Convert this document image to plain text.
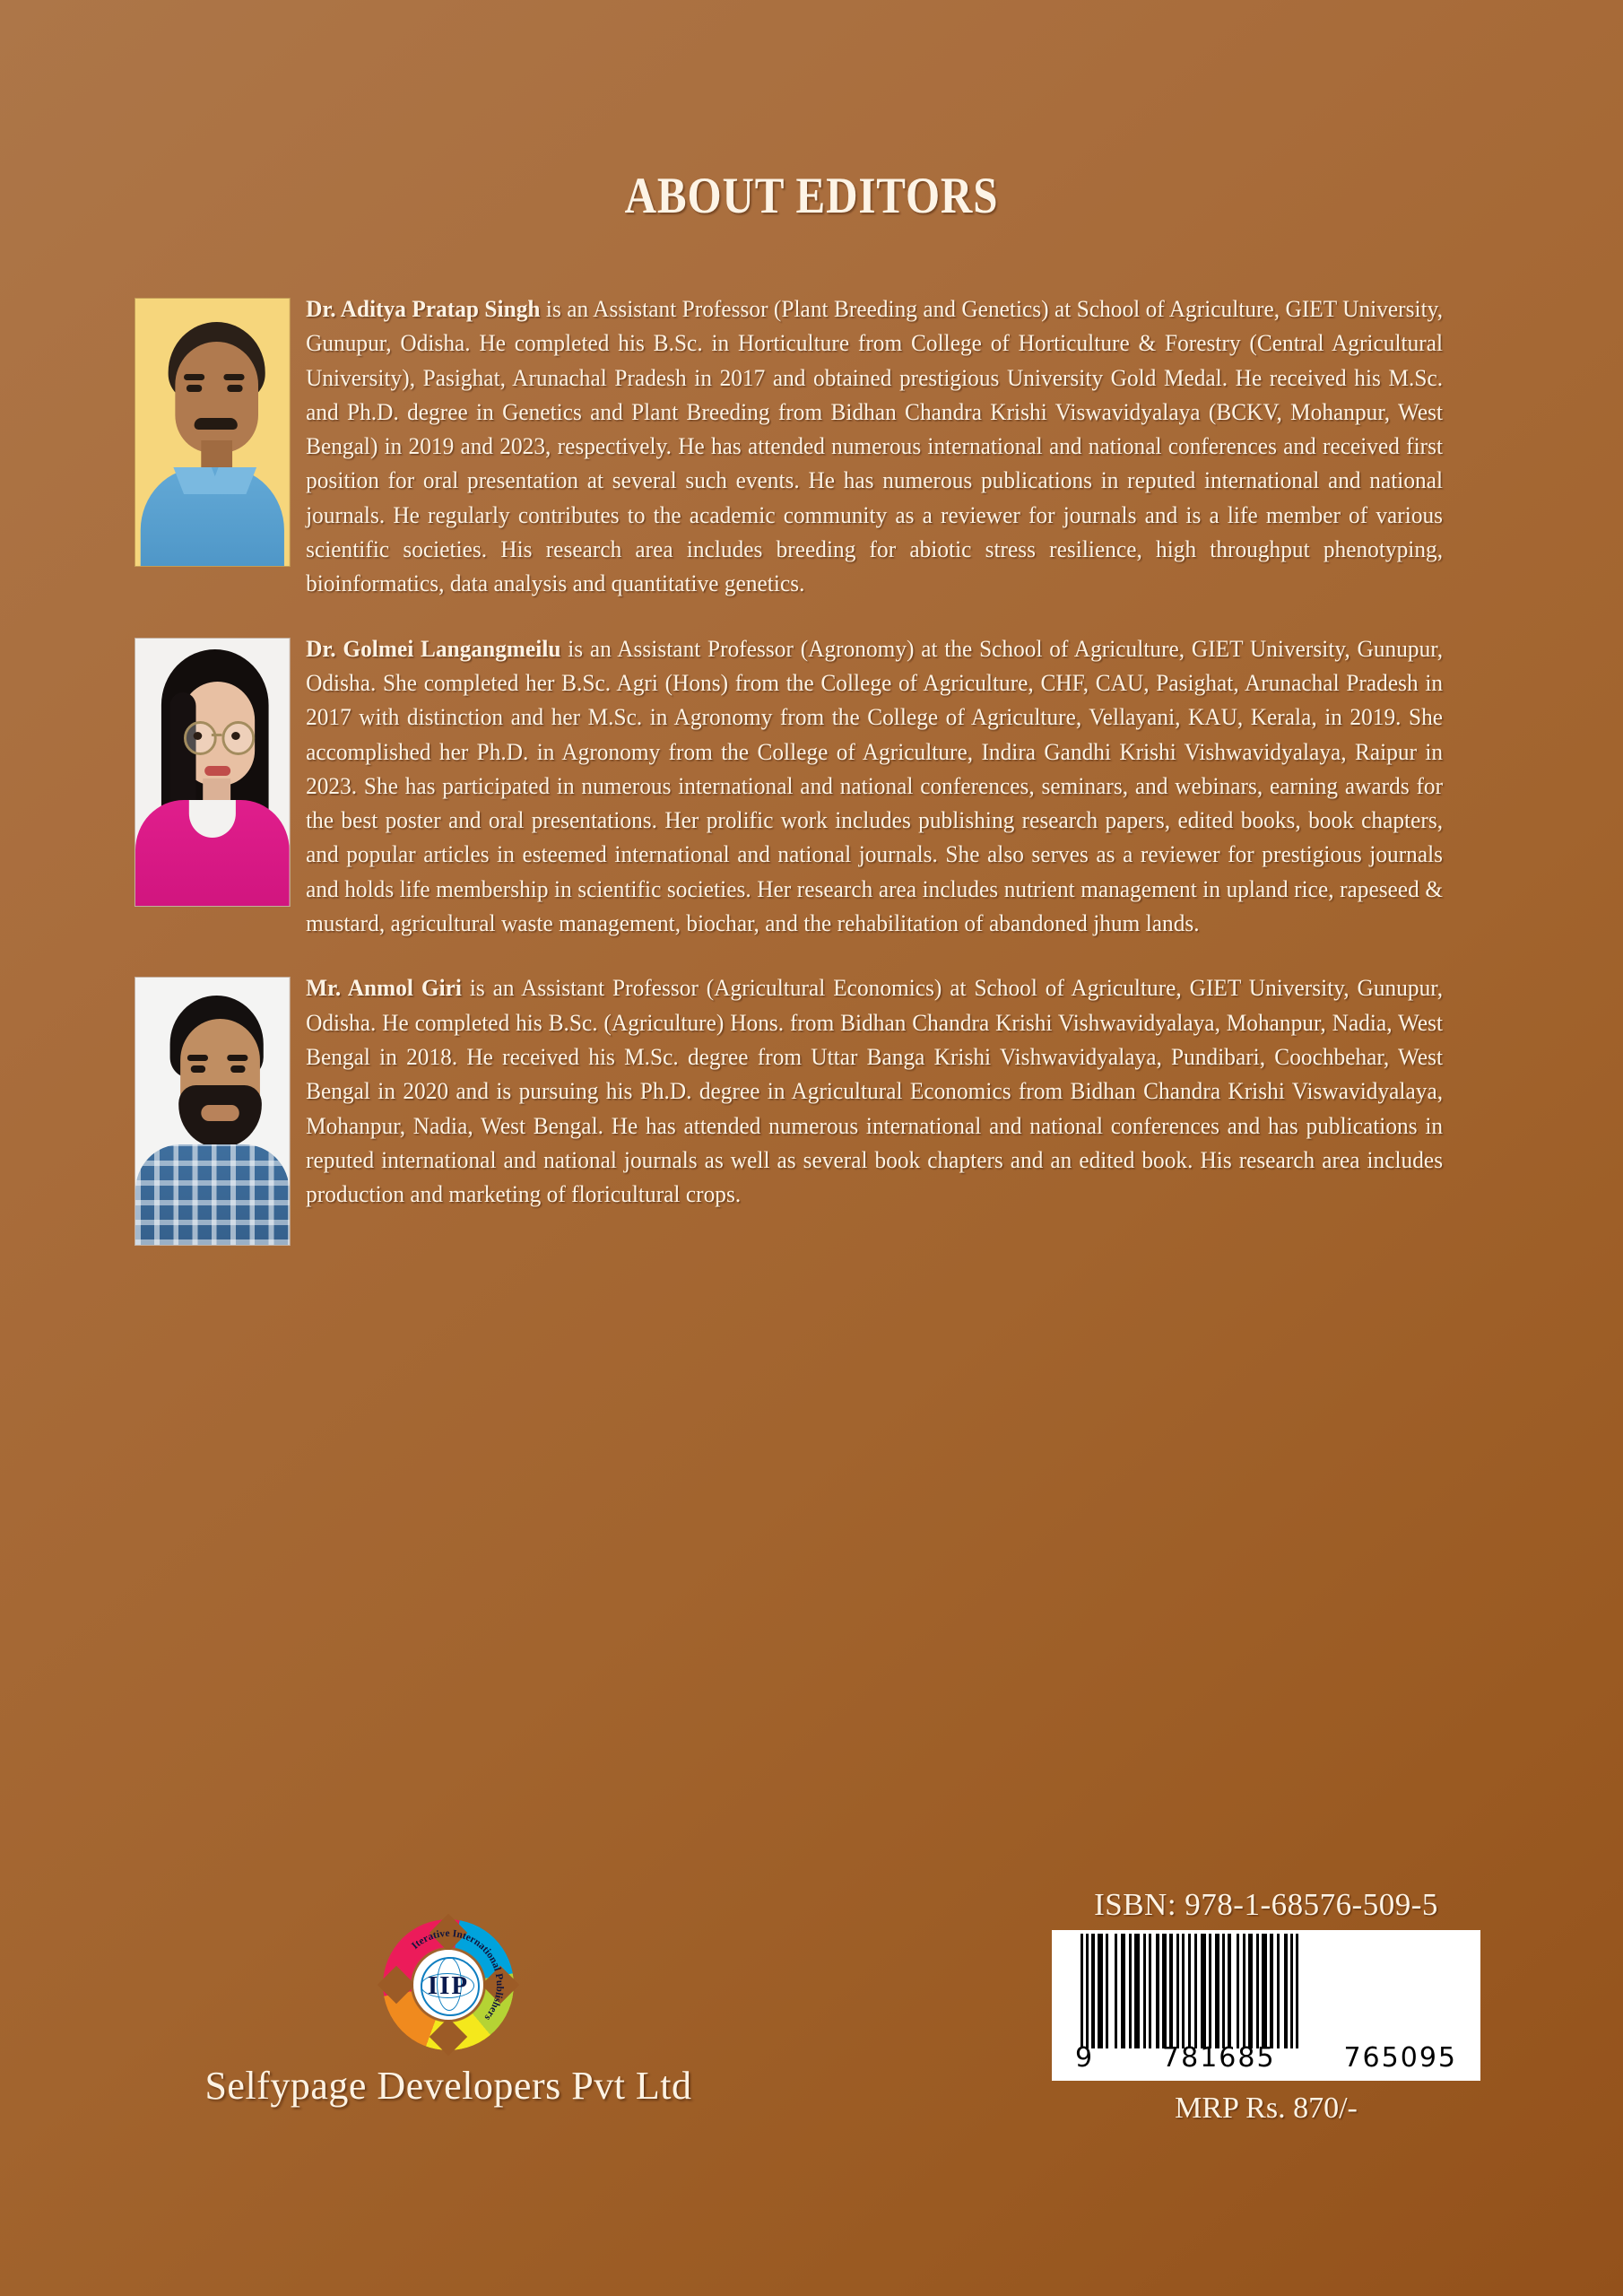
ABOUT EDITORS
Dr. Aditya Pratap Singh is an Assistant Professor (Plant Breeding and Genetics) at School of Agriculture, GIET University, Gunupur, Odisha. He completed his B.Sc. in Horticulture from College of Horticulture & Forestry (Central Agricultural University), Pasighat, Arunachal Pradesh in 2017 and obtained prestigious University Gold Medal. He received his M.Sc. and Ph.D. degree in Genetics and Plant Breeding from Bidhan Chandra Krishi Viswavidyalaya (BCKV, Mohanpur, West Bengal) in 2019 and 2023, respectively. He has attended numerous international and national conferences and received first position for oral presentation at several such events. He has numerous publications in reputed international and national journals. He regularly contributes to the academic community as a reviewer for journals and is a life member of various scientific societies. His research area includes breeding for abiotic stress resilience, high throughput phenotyping, bioinformatics, data analysis and quantitative genetics.
Dr. Golmei Langangmeilu is an Assistant Professor (Agronomy) at the School of Agriculture, GIET University, Gunupur, Odisha. She completed her B.Sc. Agri (Hons) from the College of Agriculture, CHF, CAU, Pasighat, Arunachal Pradesh in 2017 with distinction and her M.Sc. in Agronomy from the College of Agriculture, Vellayani, KAU, Kerala, in 2019. She accomplished her Ph.D. in Agronomy from the College of Agriculture, Indira Gandhi Krishi Vishwavidyalaya, Raipur in 2023. She has participated in numerous international and national conferences, seminars, and webinars, earning awards for the best poster and oral presentations. Her prolific work includes publishing research papers, edited books, book chapters, and popular articles in esteemed international and national journals. She also serves as a reviewer for prestigious journals and holds life membership in scientific societies. Her research area includes nutrient management in upland rice, rapeseed & mustard, agricultural waste management, biochar, and the rehabilitation of abandoned jhum lands.
Mr. Anmol Giri is an Assistant Professor (Agricultural Economics) at School of Agriculture, GIET University, Gunupur, Odisha. He completed his B.Sc. (Agriculture) Hons. from Bidhan Chandra Krishi Vishwavidyalaya, Mohanpur, Nadia, West Bengal in 2018. He received his M.Sc. degree from Uttar Banga Krishi Vishwavidyalaya, Pundibari, Coochbehar, West Bengal in 2020 and is pursuing his Ph.D. degree in Agricultural Economics from Bidhan Chandra Krishi Viswavidyalaya, Mohanpur, Nadia, West Bengal. He has attended numerous international and national conferences and has publications in reputed international and national journals as well as several book chapters and an edited book. His research area includes production and marketing of floricultural crops.
Iterative International Publishers
IIP
Selfypage Developers Pvt Ltd
ISBN: 978-1-68576-509-5
9	781685	765095
MRP Rs. 870/-
